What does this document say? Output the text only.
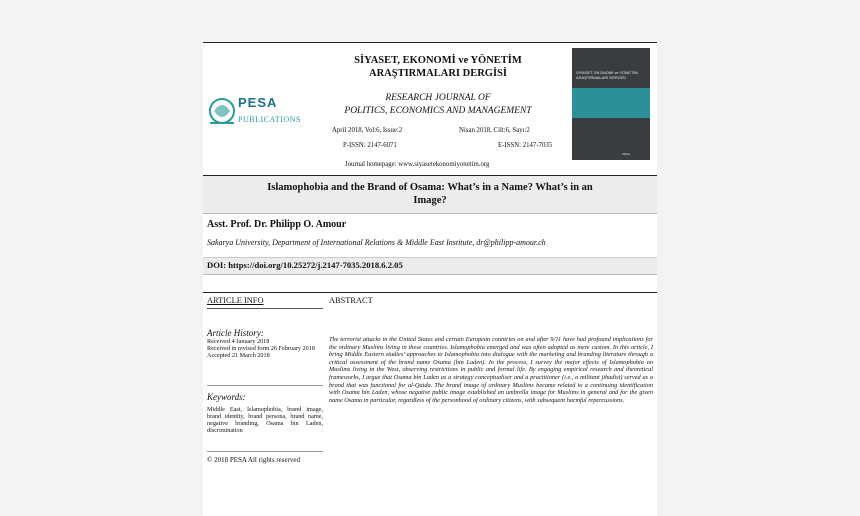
PESA
PUBLICATIONS
SİYASET, EKONOMİ ve YÖNETİM
ARAŞTIRMALARI DERGİSİ
RESEARCH JOURNAL OF
POLITICS, ECONOMICS AND MANAGEMENT
April 2018, Vol:6, Issue:2	Nisan 2018, Cilt:6, Sayı:2
P-ISSN: 2147-6071	E-ISSN: 2147-7035
Journal homepage: www.siyasetekonomiyonetim.org
SİYASET, EKONOMİ ve YÖNETİM ARAŞTIRMALARI DERGİSİ
PESA
Islamophobia and the Brand of Osama: What’s in a Name? What’s in an
Image?
Asst. Prof. Dr. Philipp O. Amour
Sakarya University, Department of International Relations & Middle East Institute, dr@philipp-amour.ch
DOI: https://doi.org/10.25272/j.2147-7035.2018.6.2.05
ARTICLE INFO	ABSTRACT
Article History:
Received 4 January 2018
Received in revised form 26 February 2018
Accepted 21 March 2018
Keywords:
Middle East, Islamophobia, brand image, brand identity, brand persona, brand name, negative branding, Osama bin Laden, discrimination
© 2018 PESA All rights reserved
The terrorist attacks in the United States and certain European countries on and after 9/11 have had profound implications for the ordinary Muslims living in these countries. Islamophobia emerged and was often adopted as mere custom. In this article, I bring Middle Eastern studies’ approaches to Islamophobia into dialogue with the marketing and branding literature through a critical assessment of the brand name Osama (bin Laden). In the process, I survey the major effects of Islamophobia on Muslims living in the West, observing restrictions in public and formal life. By engaging empirical research and theoretical frameworks, I argue that Osama bin Laden as a strategy conceptualiser and a practitioner (i.e., a militant jihadist) served as a brand that was functional for al-Qaida. The brand image of ordinary Muslims became related to a continuing identification with Osama bin Laden, whose negative public image established an umbrella image for Muslims in general and for the given name Osama in particular, regardless of the personhood of ordinary citizens, with subsequent harmful repercussions.
